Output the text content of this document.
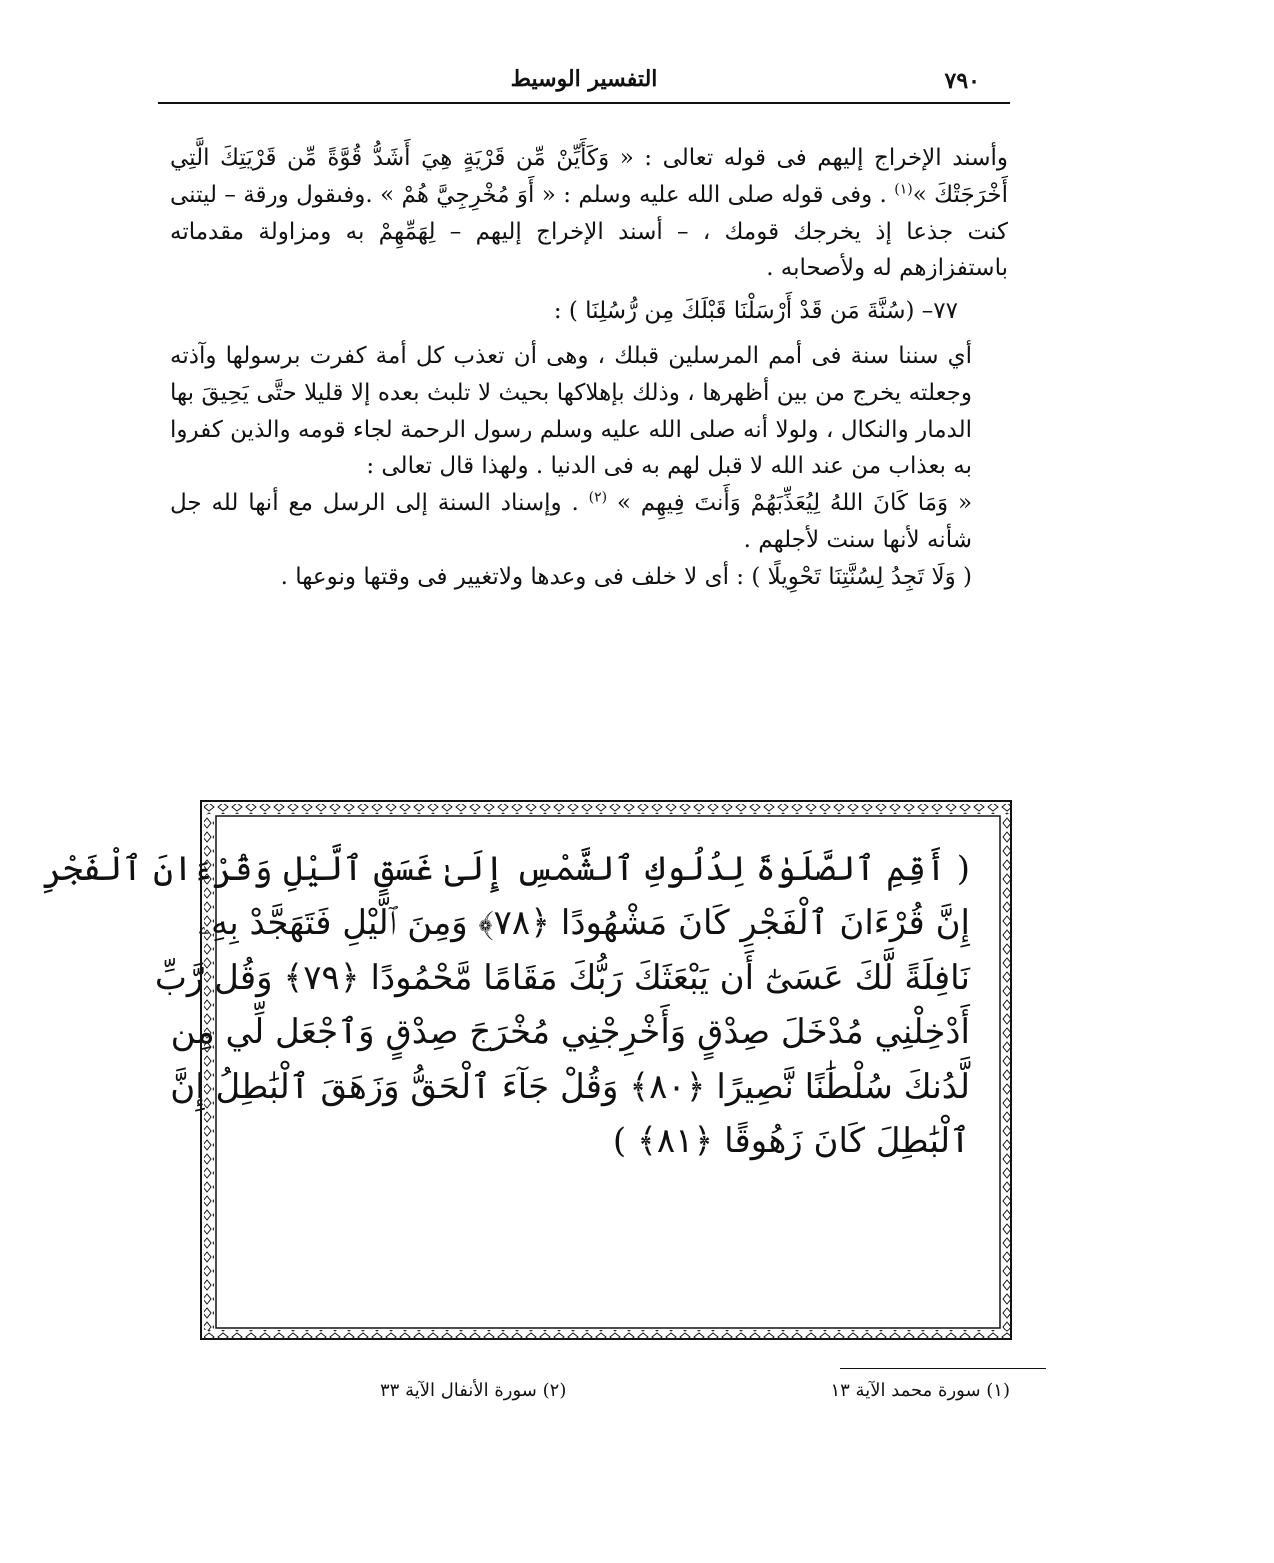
٧٩٠
التفسير الوسيط

وأسند الإخراج إليهم فى قوله تعالى : « وَكَأَيِّنْ مِّن قَرْيَةٍ هِيَ أَشَدُّ قُوَّةً مِّن قَرْيَتِكَ الَّتِي أَخْرَجَتْكَ »$^{(١)}$ . وفى قوله صلى الله عليه وسلم : « أَوَ مُخْرِجِيَّ هُمْ » .وفىقول ورقة – ليتنى كنت جذعا إذ يخرجك قومك ، – أسند الإخراج إليهم – لِهَمِّهِمْ به ومزاولة مقدماته باستفزازهم له ولأصحابه .

٧٧– (سُنَّةَ مَن قَدْ أَرْسَلْنَا قَبْلَكَ مِن رُّسُلِنَا ) :

أي سننا سنة فى أمم المرسلين قبلك ، وهى أن تعذب كل أمة كفرت برسولها وآذته وجعلته يخرج من بين أظهرها ، وذلك بإهلاكها بحيث لا تلبث بعده إلا قليلا حتَّى يَحِيقَ بها الدمار والنكال ، ولولا أنه صلى الله عليه وسلم رسول الرحمة لجاء قومه والذين كفروا به بعذاب من عند الله لا قبل لهم به فى الدنيا . ولهذا قال تعالى :

« وَمَا كَانَ اللهُ لِيُعَذِّبَهُمْ وَأَنتَ فِيهِم » $^{(٢)}$ . وإسناد السنة إلى الرسل مع أنها لله جل شأنه لأنها سنت لأجلهم .

( وَلَا تَجِدُ لِسُنَّتِنَا تَحْوِيلًا ) : أى لا خلف فى وعدها ولاتغيير فى وقتها ونوعها .

( أَقِمِ ٱلصَّلَوٰةَ لِدُلُوكِ ٱلشَّمْسِ إِلَىٰ غَسَقِ ٱلَّيْلِ وَقُرْءَانَ ٱلْفَجْرِ
إِنَّ قُرْءَانَ ٱلْفَجْرِ كَانَ مَشْهُودًا ﴿٧٨﴾ وَمِنَ ٱلَّيْلِ فَتَهَجَّدْ بِهِۦ
نَافِلَةً لَّكَ عَسَىٰٓ أَن يَبْعَثَكَ رَبُّكَ مَقَامًا مَّحْمُودًا ﴿٧٩﴾ وَقُل رَّبِّ
أَدْخِلْنِي مُدْخَلَ صِدْقٍ وَأَخْرِجْنِي مُخْرَجَ صِدْقٍ وَٱجْعَل لِّي مِن
لَّدُنكَ سُلْطَٰنًا نَّصِيرًا ﴿٨٠﴾ وَقُلْ جَآءَ ٱلْحَقُّ وَزَهَقَ ٱلْبَٰطِلُ إِنَّ
ٱلْبَٰطِلَ كَانَ زَهُوقًا ﴿٨١﴾ )
(١) سورة محمد الآية ١٣
(٢) سورة الأنفال الآية ٣٣
